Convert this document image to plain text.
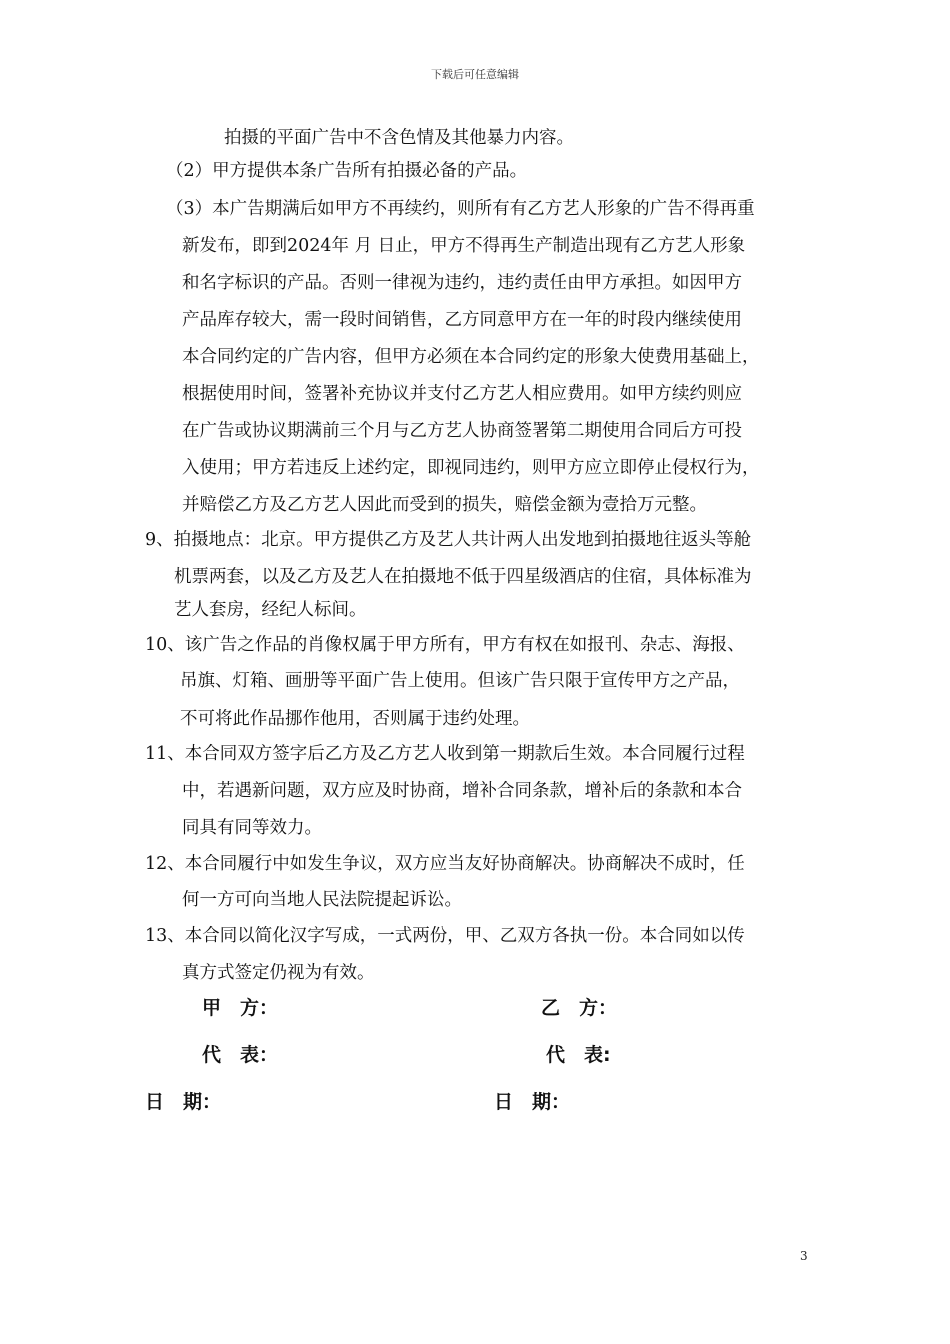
下载后可任意编辑
拍摄的平面广告中不含色情及其他暴力内容。
（2）甲方提供本条广告所有拍摄必备的产品。
（3）本广告期满后如甲方不再续约，则所有有乙方艺人形象的广告不得再重
新发布，即到2024年 月 日止，甲方不得再生产制造出现有乙方艺人形象
和名字标识的产品。否则一律视为违约，违约责任由甲方承担。如因甲方
产品库存较大，需一段时间销售，乙方同意甲方在一年的时段内继续使用
本合同约定的广告内容，但甲方必须在本合同约定的形象大使费用基础上，
根据使用时间，签署补充协议并支付乙方艺人相应费用。如甲方续约则应
在广告或协议期满前三个月与乙方艺人协商签署第二期使用合同后方可投
入使用；甲方若违反上述约定，即视同违约，则甲方应立即停止侵权行为，
并赔偿乙方及乙方艺人因此而受到的损失，赔偿金额为壹拾万元整。
9、拍摄地点：北京。甲方提供乙方及艺人共计两人出发地到拍摄地往返头等舱
机票两套，以及乙方及艺人在拍摄地不低于四星级酒店的住宿，具体标准为
艺人套房，经纪人标间。
10、该广告之作品的肖像权属于甲方所有，甲方有权在如报刊、杂志、海报、
吊旗、灯箱、画册等平面广告上使用。但该广告只限于宣传甲方之产品，
不可将此作品挪作他用，否则属于违约处理。
11、本合同双方签字后乙方及乙方艺人收到第一期款后生效。本合同履行过程
中，若遇新问题，双方应及时协商，增补合同条款，增补后的条款和本合
同具有同等效力。
12、本合同履行中如发生争议，双方应当友好协商解决。协商解决不成时，任
何一方可向当地人民法院提起诉讼。
13、本合同以简化汉字写成，一式两份，甲、乙双方各执一份。本合同如以传
真方式签定仍视为有效。
甲　方：	乙　方：
代　表：	代　表:
日　期：	日　期：
3
